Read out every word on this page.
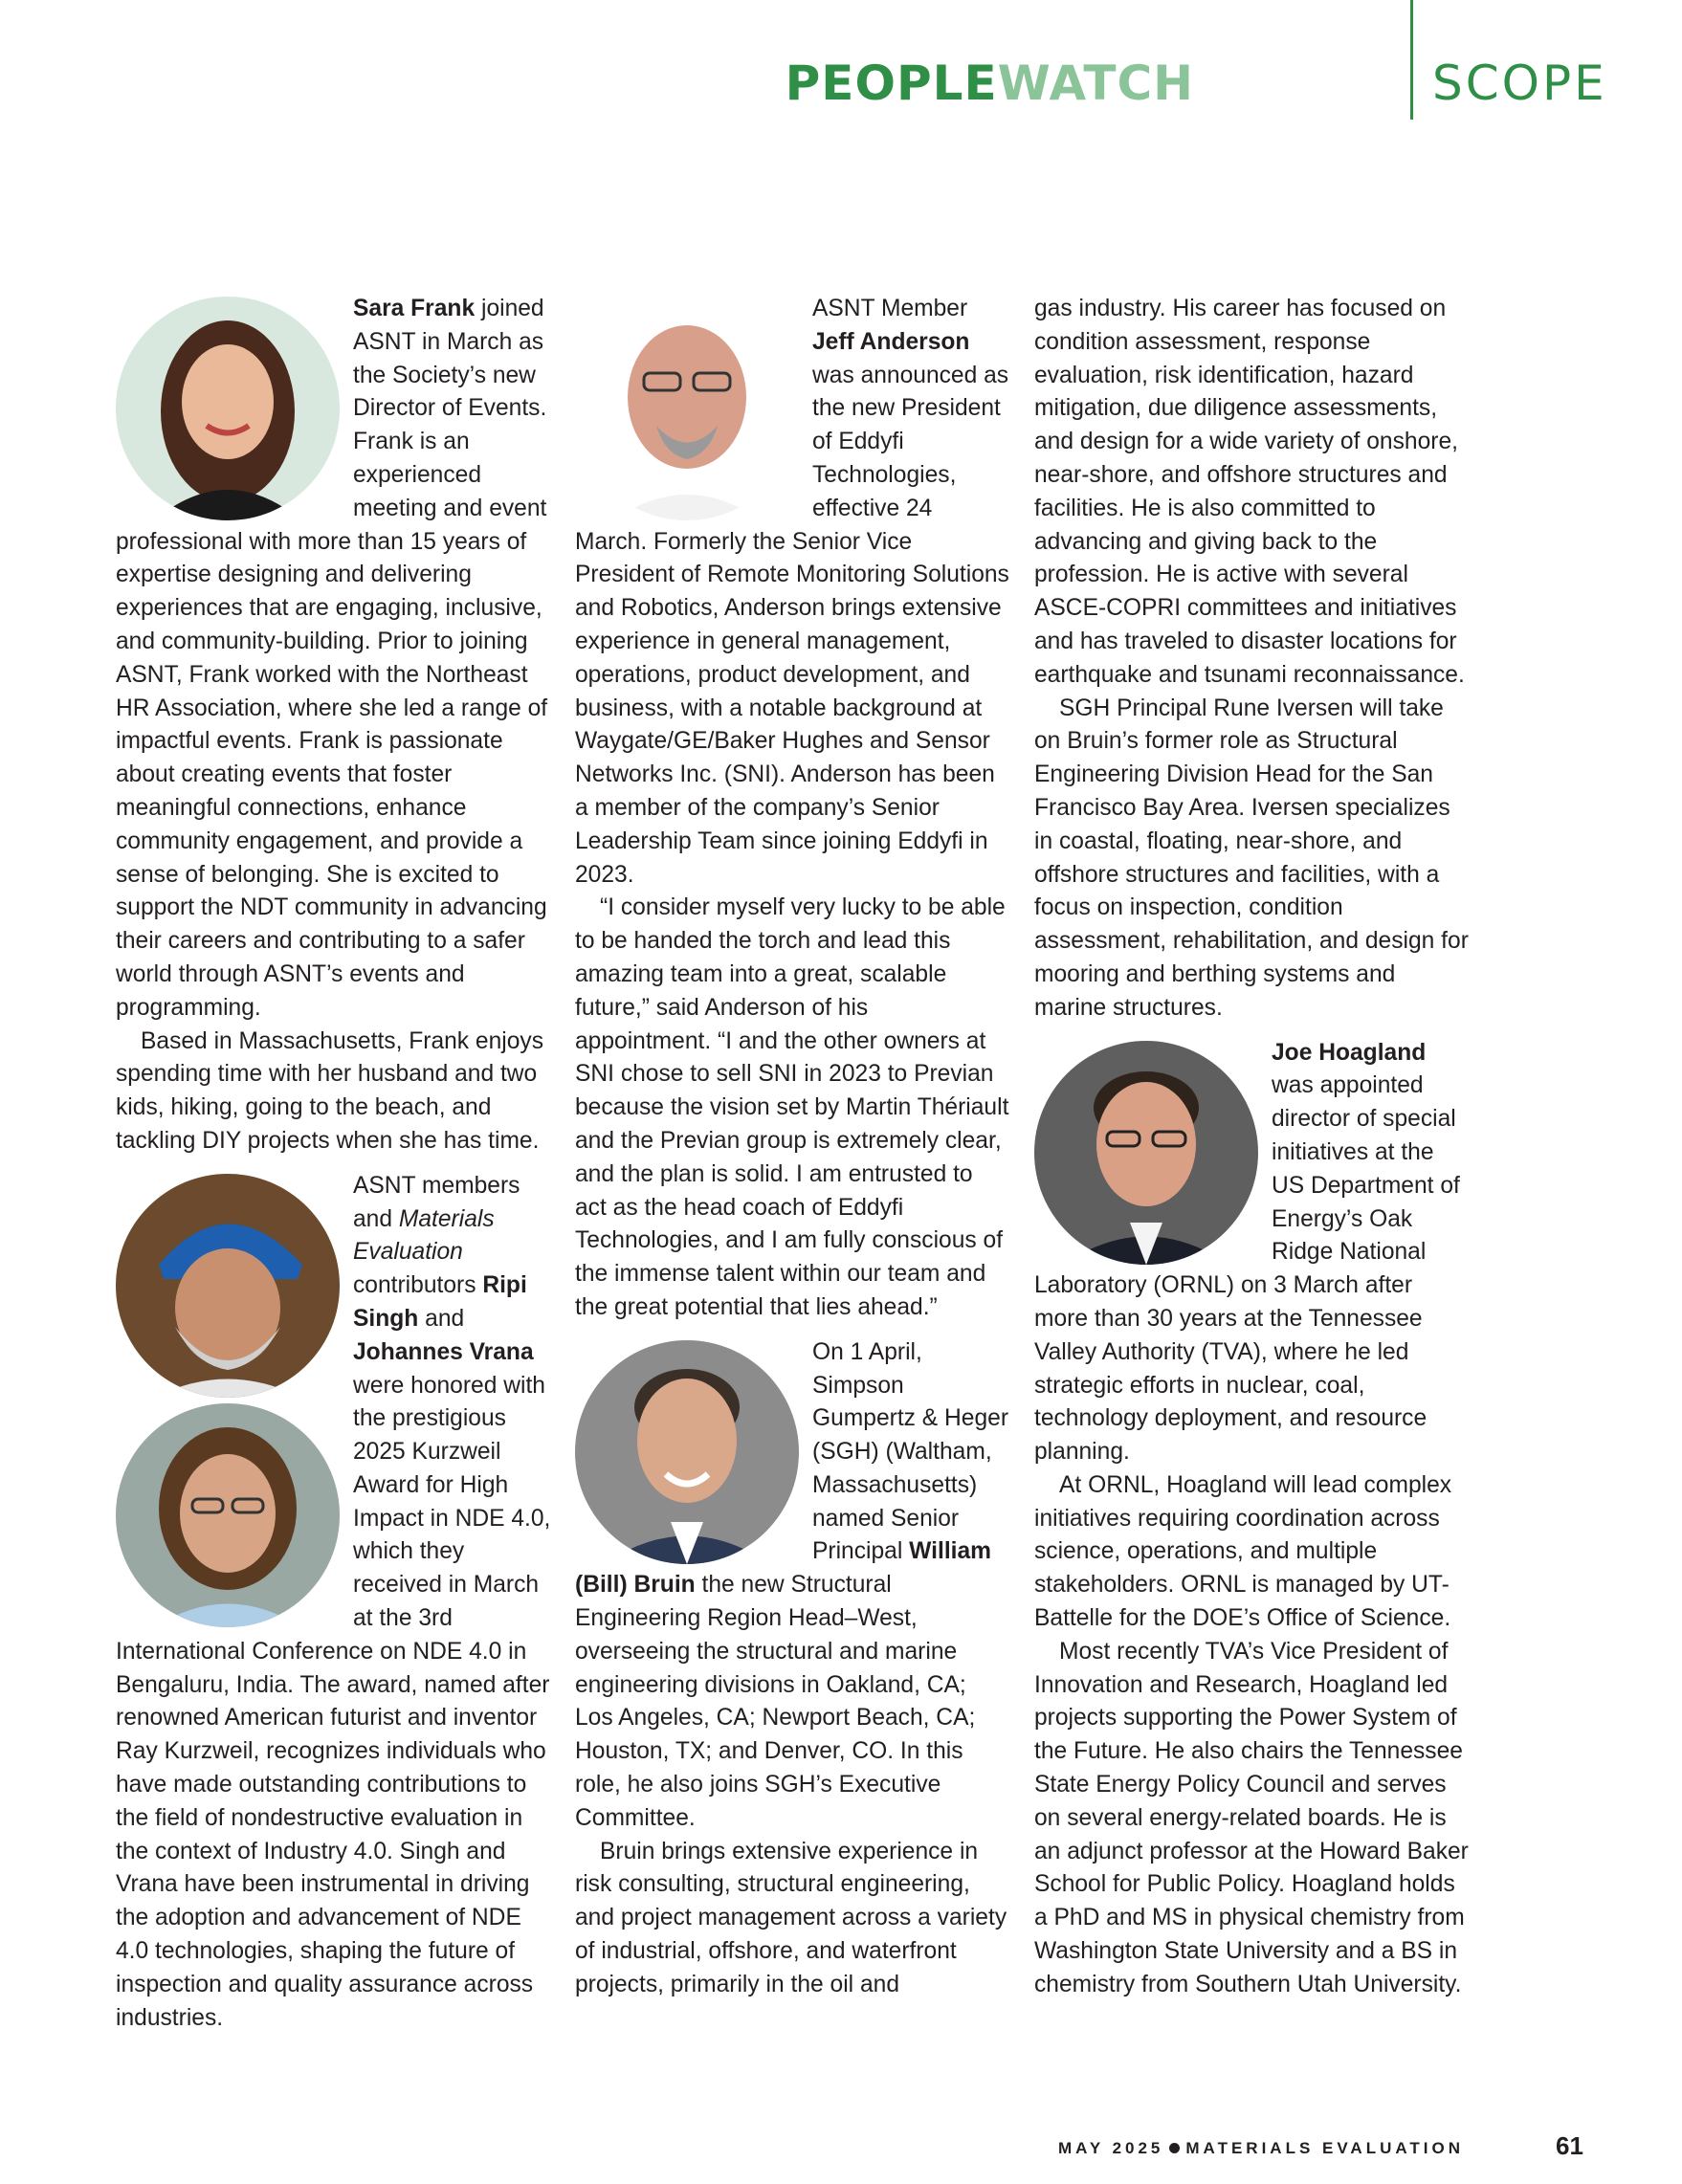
PEOPLEWATCH	SCOPE

Sara Frank joined ASNT in March as the Society’s new Director of Events. Frank is an experienced meeting and event professional with more than 15 years of expertise designing and delivering experiences that are engaging, inclusive, and community-building. Prior to joining ASNT, Frank worked with the Northeast HR Association, where she led a range of impactful events. Frank is passionate about creating events that foster meaningful connections, enhance community engagement, and provide a sense of belonging. She is excited to support the NDT community in advancing their careers and contributing to a safer world through ASNT’s events and programming.

Based in Massachusetts, Frank enjoys spending time with her husband and two kids, hiking, going to the beach, and tackling DIY projects when she has time.

ASNT members and Materials Evaluation contributors Ripi Singh and Johannes Vrana were honored with the prestigious 2025 Kurzweil Award for High Impact in NDE 4.0, which they received in March at the 3rd International Conference on NDE 4.0 in Bengaluru, India. The award, named after renowned American futurist and inventor Ray Kurzweil, recognizes individuals who have made outstanding contributions to the field of nondestructive evaluation in the context of Industry 4.0. Singh and Vrana have been instrumental in driving the adoption and advancement of NDE 4.0 technologies, shaping the future of inspection and quality assurance across industries.

ASNT Member Jeff Anderson was announced as the new President of Eddyfi Technologies, effective 24 March. Formerly the Senior Vice President of Remote Monitoring Solutions and Robotics, Anderson brings extensive experience in general management, operations, product development, and business, with a notable background at Waygate/GE/Baker Hughes and Sensor Networks Inc. (SNI). Anderson has been a member of the company’s Senior Leadership Team since joining Eddyfi in 2023.

“I consider myself very lucky to be able to be handed the torch and lead this amazing team into a great, scalable future,” said Anderson of his appointment. “I and the other owners at SNI chose to sell SNI in 2023 to Previan because the vision set by Martin Thériault and the Previan group is extremely clear, and the plan is solid. I am entrusted to act as the head coach of Eddyfi Technologies, and I am fully conscious of the immense talent within our team and the great potential that lies ahead.”

On 1 April, Simpson Gumpertz & Heger (SGH) (Waltham, Massachusetts) named Senior Principal William (Bill) Bruin the new Structural Engineering Region Head–West, overseeing the structural and marine engineering divisions in Oakland, CA; Los Angeles, CA; Newport Beach, CA; Houston, TX; and Denver, CO. In this role, he also joins SGH’s Executive Committee.

Bruin brings extensive experience in risk consulting, structural engineering, and project management across a variety of industrial, offshore, and waterfront projects, primarily in the oil and

gas industry. His career has focused on condition assessment, response evaluation, risk identification, hazard mitigation, due diligence assessments, and design for a wide variety of onshore, near-shore, and offshore structures and facilities. He is also committed to advancing and giving back to the profession. He is active with several ASCE-COPRI committees and initiatives and has traveled to disaster locations for earthquake and tsunami reconnaissance.

SGH Principal Rune Iversen will take on Bruin’s former role as Structural Engineering Division Head for the San Francisco Bay Area. Iversen specializes in coastal, floating, near-shore, and offshore structures and facilities, with a focus on inspection, condition assessment, rehabilitation, and design for mooring and berthing systems and marine structures.

Joe Hoagland was appointed director of special initiatives at the US Department of Energy’s Oak Ridge National Laboratory (ORNL) on 3 March after more than 30 years at the Tennessee Valley Authority (TVA), where he led strategic efforts in nuclear, coal, technology deployment, and resource planning.

At ORNL, Hoagland will lead complex initiatives requiring coordination across science, operations, and multiple stakeholders. ORNL is managed by UT-Battelle for the DOE’s Office of Science.

Most recently TVA’s Vice President of Innovation and Research, Hoagland led projects supporting the Power System of the Future. He also chairs the Tennessee State Energy Policy Council and serves on several energy-related boards. He is an adjunct professor at the Howard Baker School for Public Policy. Hoagland holds a PhD and MS in physical chemistry from Washington State University and a BS in chemistry from Southern Utah University.

MAY 2025 MATERIALS EVALUATION	61
